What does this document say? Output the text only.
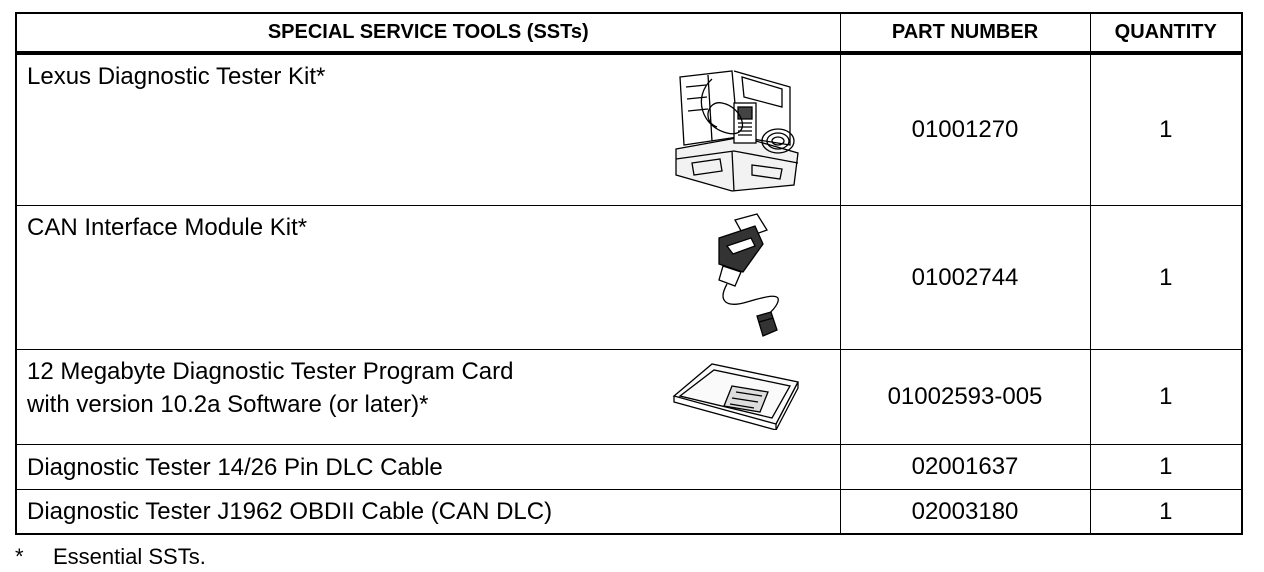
SPECIAL SERVICE TOOLS (SSTs)	PART NUMBER	QUANTITY

Lexus Diagnostic Tester Kit*	01001270	1

CAN Interface Module Kit*	01002744	1

12 Megabyte Diagnostic Tester Program Card
with version 10.2a Software (or later)*	01002593-005	1

Diagnostic Tester 14/26 Pin DLC Cable	02001637	1

Diagnostic Tester J1962 OBDII Cable (CAN DLC)	02003180	1
* Essential SSTs.
